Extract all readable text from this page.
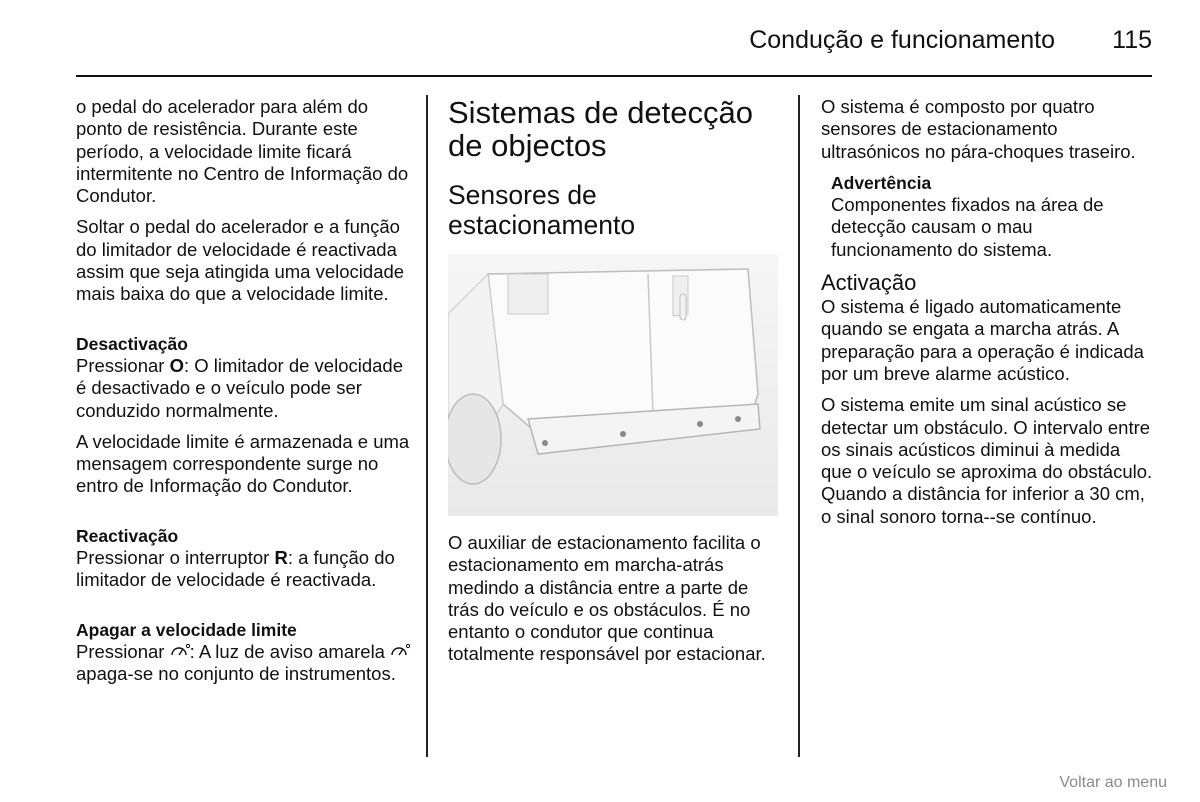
Condução e funcionamento 115

o pedal do acelerador para além do ponto de resistência. Durante este período, a velocidade limite ficará intermitente no Centro de Informação do Condutor.

Soltar o pedal do acelerador e a função do limitador de velocidade é reactivada assim que seja atingida uma velocidade mais baixa do que a velocidade limite.

Desactivação

Pressionar O: O limitador de velocidade é desactivado e o veículo pode ser conduzido normalmente.

A velocidade limite é armazenada e uma mensagem correspondente surge no entro de Informação do Condutor.

Reactivação

Pressionar o interruptor R: a função do limitador de velocidade é reactivada.

Apagar a velocidade limite

Pressionar : A luz de aviso amarela  apaga-se no conjunto de instrumentos.

Sistemas de detecção de objectos
Sensores de estacionamento

O auxiliar de estacionamento facilita o estacionamento em marcha-atrás medindo a distância entre a parte de trás do veículo e os obstáculos. É no entanto o condutor que continua totalmente responsável por estacionar.

O sistema é composto por quatro sensores de estacionamento ultrasónicos no pára-choques traseiro.

Advertência

Componentes fixados na área de detecção causam o mau funcionamento do sistema.

Activação

O sistema é ligado automaticamente quando se engata a marcha atrás. A preparação para a operação é indicada por um breve alarme acústico.

O sistema emite um sinal acústico se detectar um obstáculo. O intervalo entre os sinais acústicos diminui à medida que o veículo se aproxima do obstáculo. Quando a distância for inferior a 30 cm, o sinal sonoro torna--se contínuo.

Voltar ao menu
